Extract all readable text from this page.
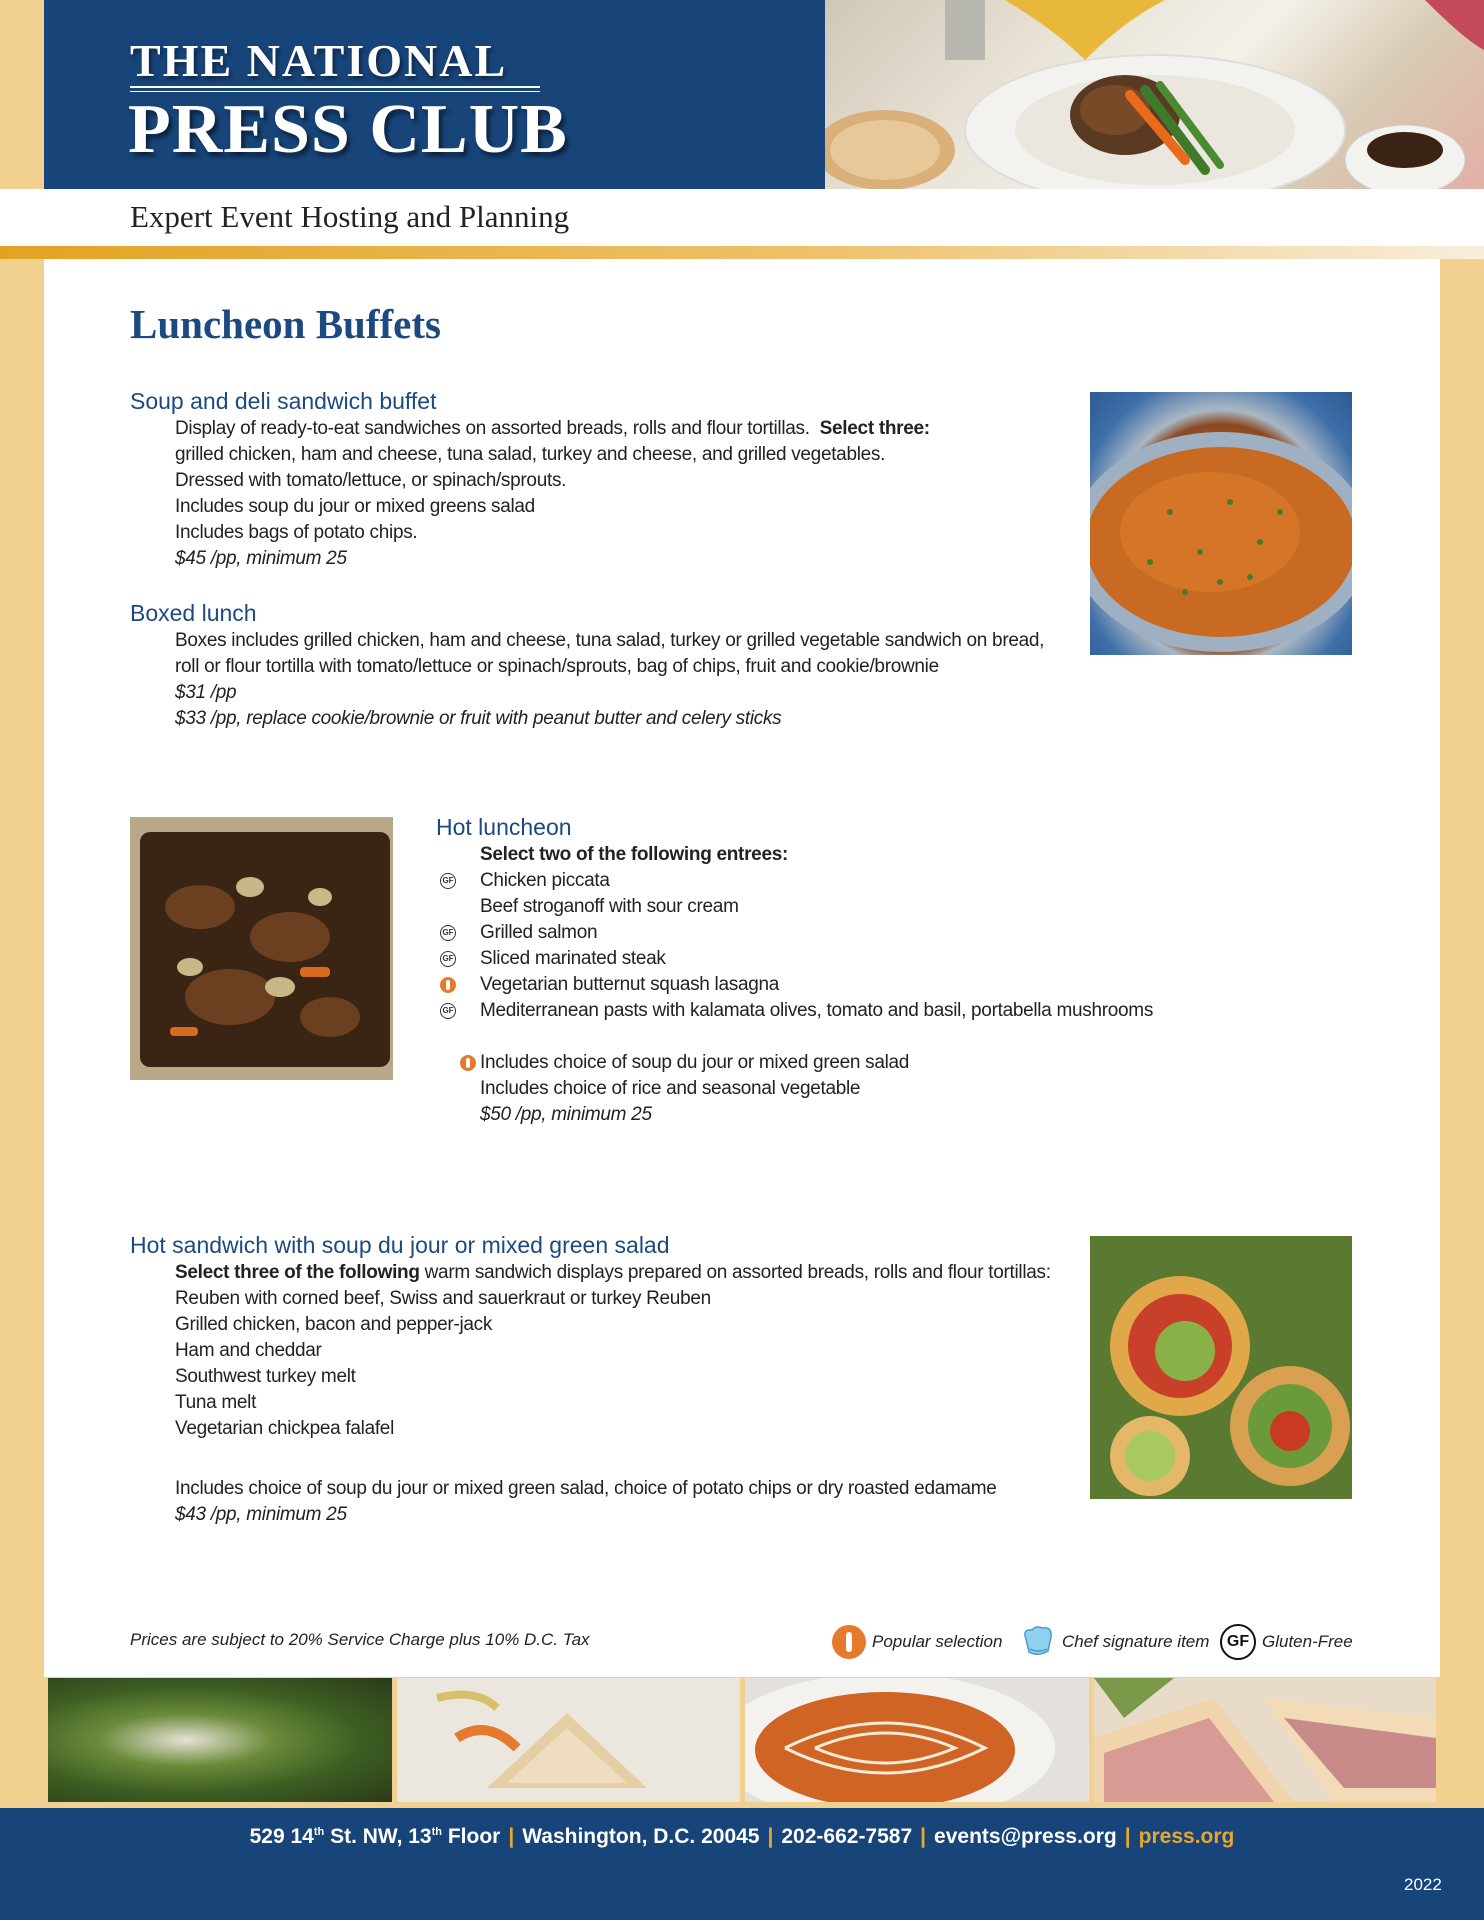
THE NATIONAL
PRESS CLUB
Expert Event Hosting and Planning
Luncheon Buffets
Soup and deli sandwich buffet
Display of ready-to-eat sandwiches on assorted breads, rolls and flour tortillas. Select three:
grilled chicken, ham and cheese, tuna salad, turkey and cheese, and grilled vegetables.
Dressed with tomato/lettuce, or spinach/sprouts.
Includes soup du jour or mixed greens salad
Includes bags of potato chips.
$45 /pp, minimum 25
Boxed lunch
Boxes includes grilled chicken, ham and cheese, tuna salad, turkey or grilled vegetable sandwich on bread,
roll or flour tortilla with tomato/lettuce or spinach/sprouts, bag of chips, fruit and cookie/brownie
$31 /pp
$33 /pp, replace cookie/brownie or fruit with peanut butter and celery sticks
Hot luncheon
Select two of the following entrees:
GF Chicken piccata
Beef stroganoff with sour cream
GF Grilled salmon
GF Sliced marinated steak

Vegetarian butternut squash lasagna
GF Mediterranean pasts with kalamata olives, tomato and basil, portabella mushrooms
Includes choice of soup du jour or mixed green salad
Includes choice of rice and seasonal vegetable
$50 /pp, minimum 25
Hot sandwich with soup du jour or mixed green salad
Select three of the following warm sandwich displays prepared on assorted breads, rolls and flour tortillas:
Reuben with corned beef, Swiss and sauerkraut or turkey Reuben
Grilled chicken, bacon and pepper-jack
Ham and cheddar
Southwest turkey melt
Tuna melt
Vegetarian chickpea falafel
Includes choice of soup du jour or mixed green salad, choice of potato chips or dry roasted edamame
$43 /pp, minimum 25
Prices are subject to 20% Service Charge plus 10% D.C. Tax	Popular selection	Chef signature item	GF Gluten-Free
529 14th St. NW, 13th Floor | Washington, D.C. 20045 | 202-662-7587 | events@press.org | press.org
2022
